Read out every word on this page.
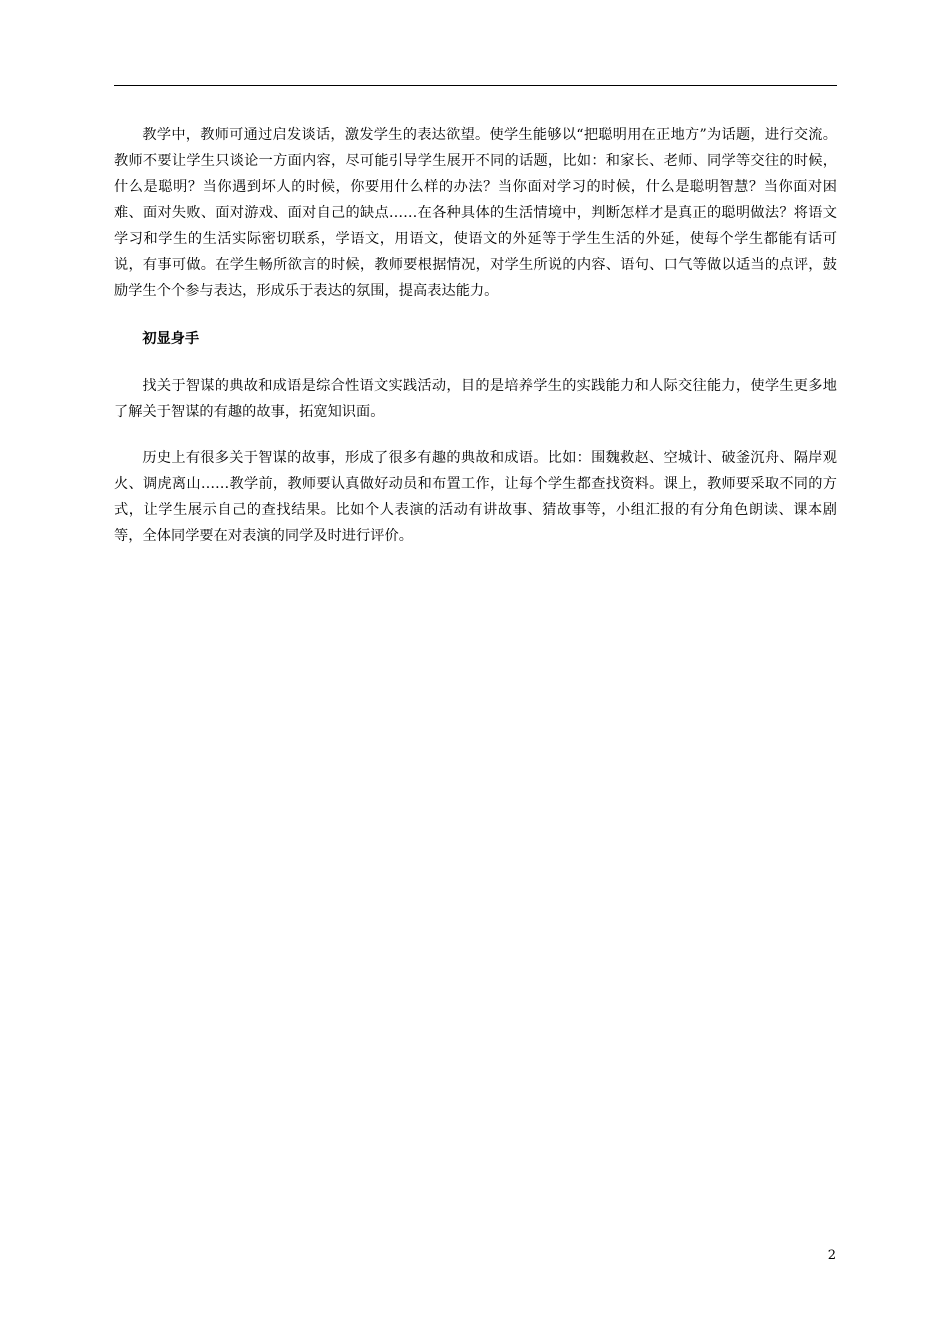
教学中，教师可通过启发谈话，激发学生的表达欲望。使学生能够以“把聪明用在正地方”为话题，进行交流。教师不要让学生只谈论一方面内容，尽可能引导学生展开不同的话题，比如：和家长、老师、同学等交往的时候，什么是聪明？当你遇到坏人的时候，你要用什么样的办法？当你面对学习的时候，什么是聪明智慧？当你面对困难、面对失败、面对游戏、面对自己的缺点……在各种具体的生活情境中，判断怎样才是真正的聪明做法？将语文学习和学生的生活实际密切联系，学语文，用语文，使语文的外延等于学生生活的外延，使每个学生都能有话可说，有事可做。在学生畅所欲言的时候，教师要根据情况，对学生所说的内容、语句、口气等做以适当的点评，鼓励学生个个参与表达，形成乐于表达的氛围，提高表达能力。

初显身手

找关于智谋的典故和成语是综合性语文实践活动，目的是培养学生的实践能力和人际交往能力，使学生更多地了解关于智谋的有趣的故事，拓宽知识面。

历史上有很多关于智谋的故事，形成了很多有趣的典故和成语。比如：围魏救赵、空城计、破釜沉舟、隔岸观火、调虎离山……教学前，教师要认真做好动员和布置工作，让每个学生都查找资料。课上，教师要采取不同的方式，让学生展示自己的查找结果。比如个人表演的活动有讲故事、猜故事等，小组汇报的有分角色朗读、课本剧等，全体同学要在对表演的同学及时进行评价。

2
